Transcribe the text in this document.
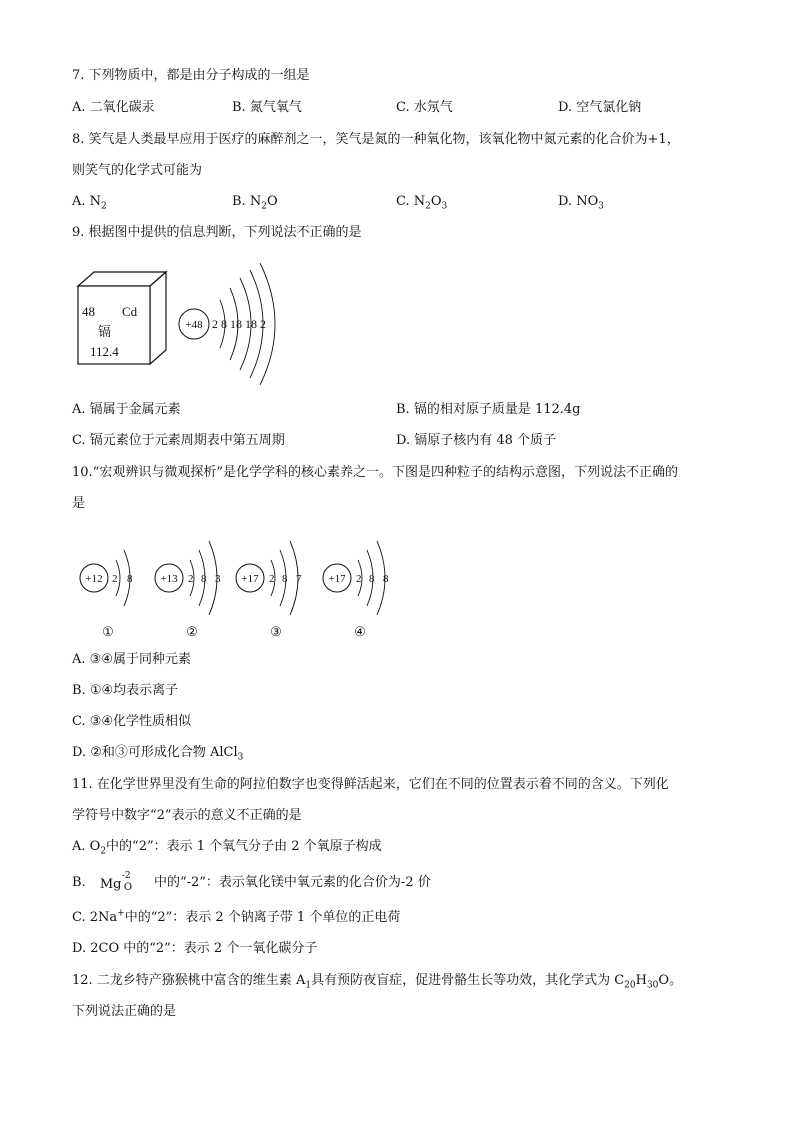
7. 下列物质中，都是由分子构成的一组是
A. 二氧化碳汞	B. 氮气氧气	C. 水氖气	D. 空气氯化钠
8. 笑气是人类最早应用于医疗的麻醉剂之一，笑气是氮的一种氧化物，该氧化物中氮元素的化合价为+1，
则笑气的化学式可能为
A. $N_2$	B. $N_2O$	C. $N_2O_3$	D. $NO_3$
9. 根据图中提供的信息判断，下列说法不正确的是
48 Cd
镉
112.4
+48 2 8 18 18 2
A. 镉属于金属元素	B. 镉的相对原子质量是 112.4g
C. 镉元素位于元素周期表中第五周期	D. 镉原子核内有 48 个质子
10.“宏观辨识与微观探析”是化学学科的核心素养之一。下图是四种粒子的结构示意图，下列说法不正确的
是
+12 2 8
①
+13 2 8 3
②
+17 2 8 7
③
+17 2 8 8
④
A. ③④属于同种元素
B. ①④均表示离子
C. ③④化学性质相似
D. ②和③可形成化合物 AlCl$_3$
11. 在化学世界里没有生命的阿拉伯数字也变得鲜活起来，它们在不同的位置表示着不同的含义。下列化
学符号中数字“2”表示的意义不正确的是
A. $O_2$中的“2”：表示 1 个氧气分子由 2 个氧原子构成
B. Mg O
-2 中的“-2”：表示氧化镁中氧元素的化合价为-2 价
C. 2Na+中的“2”：表示 2 个钠离子带 1 个单位的正电荷
D. 2CO 中的“2”：表示 2 个一氧化碳分子
12. 二龙乡特产猕猴桃中富含的维生素 $A_1$具有预防夜盲症，促进骨骼生长等功效，其化学式为 $C_{20}H_{30}O$。
下列说法正确的是
